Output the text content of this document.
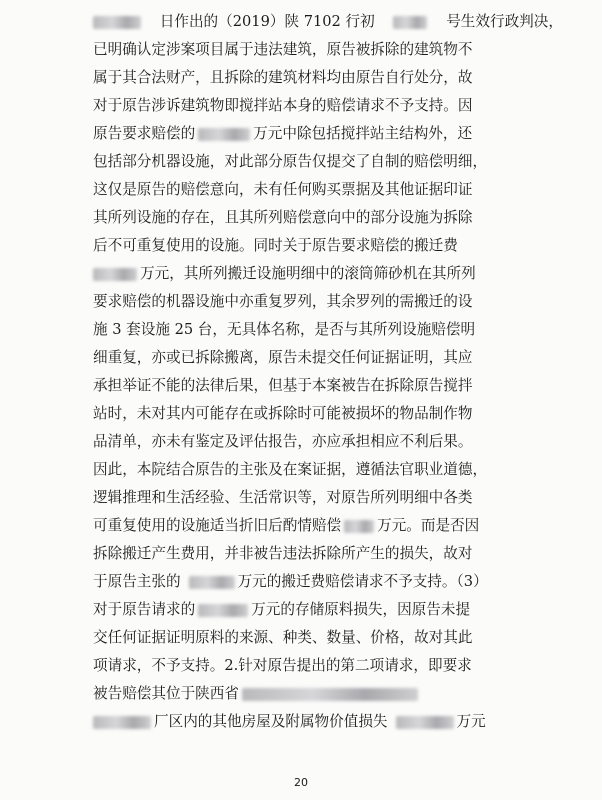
日作出的（2019）陕 7102 行初	号生效行政判决，
已明确认定涉案项目属于违法建筑，原告被拆除的建筑物不
属于其合法财产，且拆除的建筑材料均由原告自行处分，故
对于原告涉诉建筑物即搅拌站本身的赔偿请求不予支持。因
原告要求赔偿的	万元中除包括搅拌站主结构外，还
包括部分机器设施，对此部分原告仅提交了自制的赔偿明细，
这仅是原告的赔偿意向，未有任何购买票据及其他证据印证
其所列设施的存在，且其所列赔偿意向中的部分设施为拆除
后不可重复使用的设施。同时关于原告要求赔偿的搬迁费
万元，其所列搬迁设施明细中的滚筒筛砂机在其所列
要求赔偿的机器设施中亦重复罗列，其余罗列的需搬迁的设
施 3 套设施 25 台，无具体名称，是否与其所列设施赔偿明
细重复，亦或已拆除搬离，原告未提交任何证据证明，其应
承担举证不能的法律后果，但基于本案被告在拆除原告搅拌
站时，未对其内可能存在或拆除时可能被损坏的物品制作物
品清单，亦未有鉴定及评估报告，亦应承担相应不利后果。
因此，本院结合原告的主张及在案证据，遵循法官职业道德，
逻辑推理和生活经验、生活常识等，对原告所列明细中各类
可重复使用的设施适当折旧后酌情赔偿 万元。而是否因
拆除搬迁产生费用，并非被告违法拆除所产生的损失，故对
于原告主张的	万元的搬迁费赔偿请求不予支持。（3）
对于原告请求的	万元的存储原料损失，因原告未提
交任何证据证明原料的来源、种类、数量、价格，故对其此
项请求，不予支持。2.针对原告提出的第二项请求，即要求
被告赔偿其位于陕西省
厂区内的其他房屋及附属物价值损失	万元
20
